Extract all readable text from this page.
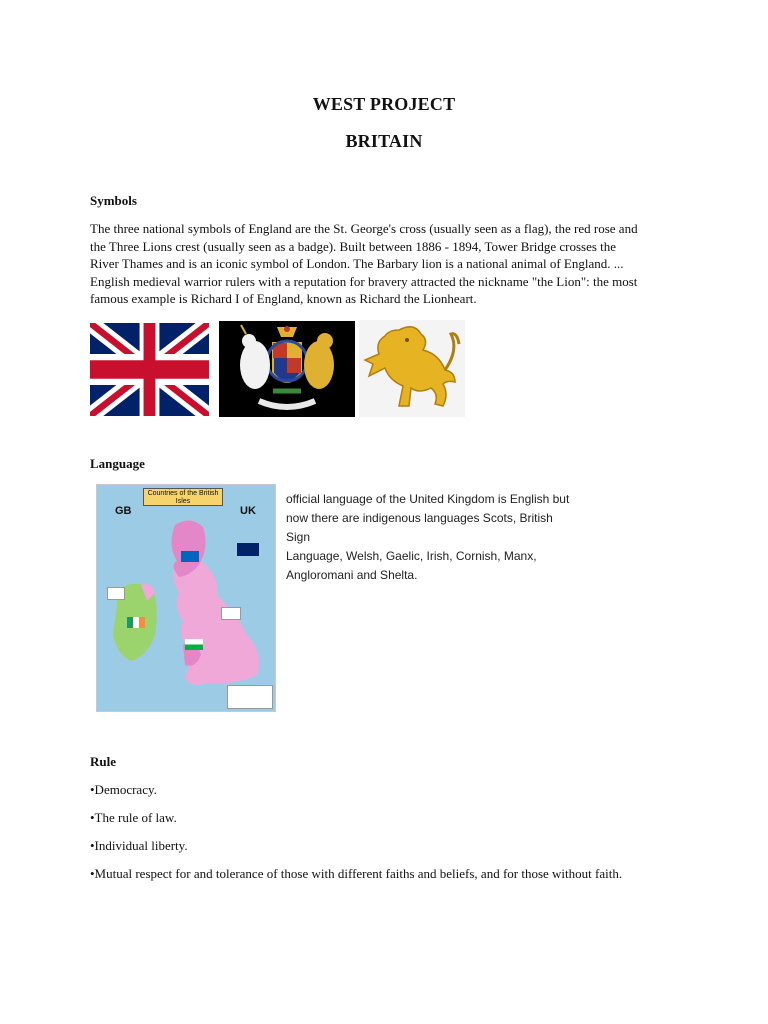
WEST PROJECT
BRITAIN
Symbols
The three national symbols of England are the St. George's cross (usually seen as a flag), the red rose and
the Three Lions crest (usually seen as a badge). Built between 1886 - 1894, Tower Bridge crosses the
River Thames and is an iconic symbol of London. The Barbary lion is a national animal of England. ...
English medieval warrior rulers with a reputation for bravery attracted the nickname "the Lion": the most
famous example is Richard I of England, known as Richard the Lionheart.
Language
Countries of the British Isles
GB	UK
official language of the United Kingdom is English but
now there are indigenous languages Scots, British Sign
Language, Welsh, Gaelic, Irish, Cornish, Manx,
Angloromani and Shelta.
Rule
•Democracy.
•The rule of law.
•Individual liberty.
•Mutual respect for and tolerance of those with different faiths and beliefs, and for those without faith.
